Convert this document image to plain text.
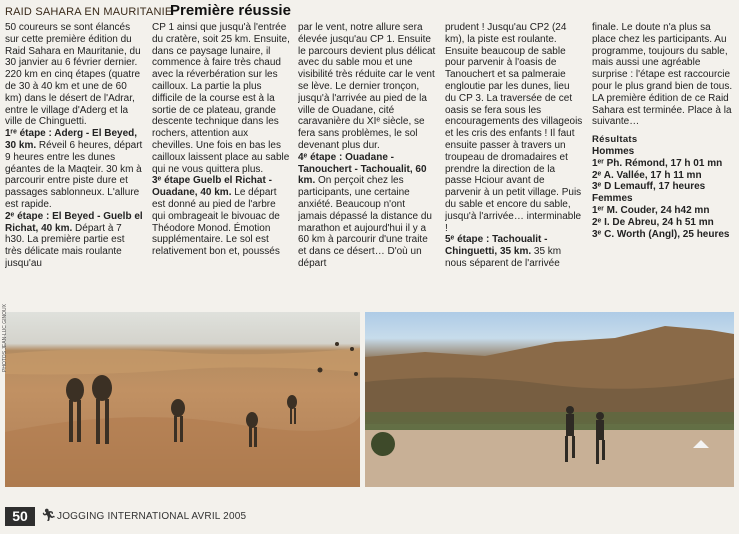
RAID SAHARA EN MAURITANIE
Première réussie

50 coureurs se sont élancés sur cette première édition du Raid Sahara en Mauritanie, du 30 janvier au 6 février dernier. 220 km en cinq étapes (quatre de 30 à 40 km et une de 60 km) dans le désert de l'Adrar, entre le village d'Aderg et la ville de Chinguetti.

1ʳᵉ étape : Aderg - El Beyed, 30 km. Réveil 6 heures, départ 9 heures entre les dunes géantes de la Maqteir. 30 km à parcourir entre piste dure et passages sablonneux. L'allure est rapide.

2ᵉ étape : El Beyed - Guelb el Richat, 40 km. Départ à 7 h30. La première partie est très délicate mais roulante jusqu'au

CP 1 ainsi que jusqu'à l'entrée du cratère, soit 25 km. Ensuite, dans ce paysage lunaire, il commence à faire très chaud avec la réverbération sur les cailloux. La partie la plus difficile de la course est à la sortie de ce plateau, grande descente technique dans les rochers, attention aux chevilles. Une fois en bas les cailloux laissent place au sable qui ne vous quittera plus.

3ᵉ étape Guelb el Richat - Ouadane, 40 km. Le départ est donné au pied de l'arbre qui ombrageait le bivouac de Théodore Monod. Émotion supplémentaire. Le sol est relativement bon et, poussés

par le vent, notre allure sera élevée jusqu'au CP 1. Ensuite le parcours devient plus délicat avec du sable mou et une visibilité très réduite car le vent se lève. Le dernier tronçon, jusqu'à l'arrivée au pied de la ville de Ouadane, cité caravanière du XIᵉ siècle, se fera sans problèmes, le sol devenant plus dur.

4ᵉ étape : Ouadane - Tanouchert - Tachoualit, 60 km. On perçoit chez les participants, une certaine anxiété. Beaucoup n'ont jamais dépassé la distance du marathon et aujourd'hui il y a 60 km à parcourir d'une traite et dans ce désert… D'où un départ

prudent ! Jusqu'au CP2 (24 km), la piste est roulante. Ensuite beaucoup de sable pour parvenir à l'oasis de Tanouchert et sa palmeraie engloutie par les dunes, lieu du CP 3. La traversée de cet oasis se fera sous les encouragements des villageois et les cris des enfants ! Il faut ensuite passer à travers un troupeau de dromadaires et prendre la direction de la passe Hciour avant de parvenir à un petit village. Puis du sable et encore du sable, jusqu'à l'arrivée… interminable !

5ᵉ étape : Tachoualit - Chinguetti, 35 km. 35 km nous séparent de l'arrivée

finale. Le doute n'a plus sa place chez les participants. Au programme, toujours du sable, mais aussi une agréable surprise : l'étape est raccourcie pour le plus grand bien de tous. LA première édition de ce Raid Sahara est terminée. Place à la suivante…

Résultats
Hommes
1ᵉʳ Ph. Rémond, 17 h 01 mn
2ᵉ A. Vallée, 17 h 11 mn
3ᵉ D Lemauff, 17 heures
Femmes
1ᵉʳ M. Couder, 24 h42 mn
2ᵉ I. De Abreu, 24 h 51 mn
3ᵉ C. Worth (Angl), 25 heures
PHOTOS JEAN-LUC GINOUX
50	🏃︎ JOGGING INTERNATIONAL AVRIL 2005
